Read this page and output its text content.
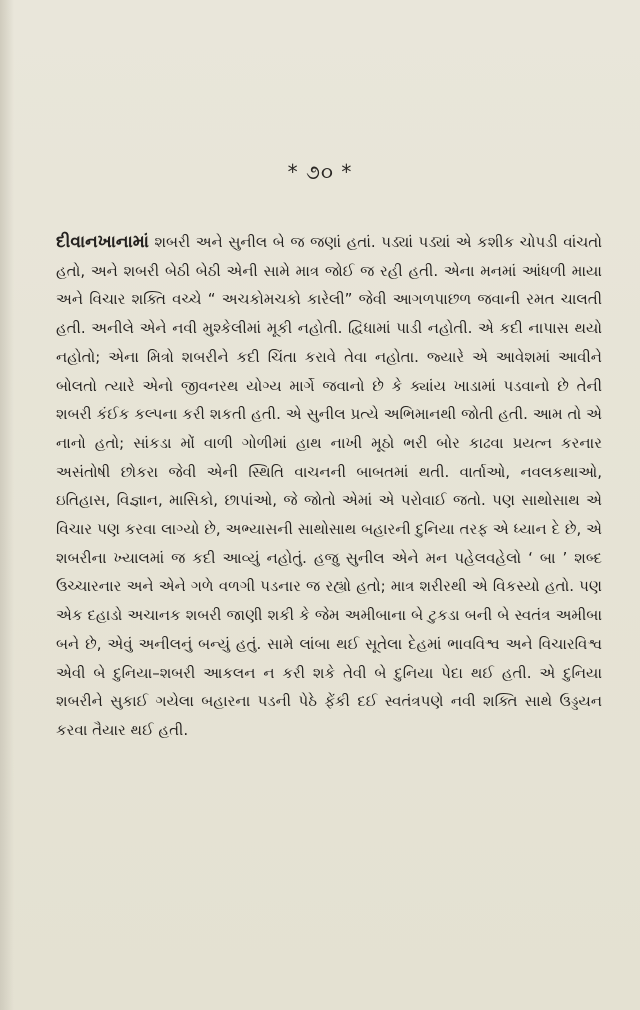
* ૭૦ *

દીવાનખાનામાં શબરી અને સુનીલ બે જ જણાં હતાં. પડ્યાં પડ્યાં એ કશીક ચોપડી વાંચતો હતો, અને શબરી બેઠી બેઠી એની સામે માત્ર જોઈ જ રહી હતી. એના મનમાં આંધળી માયા અને વિચાર શક્તિ વચ્ચે “ અચકોમચકો કારેલી” જેવી આગળપાછળ જવાની રમત ચાલતી હતી. અનીલે એને નવી મુશ્કેલીમાં મૂકી નહોતી. દ્વિધામાં પાડી નહોતી. એ કદી નાપાસ થયો નહોતો; એના મિત્રો શબરીને કદી ચિંતા કરાવે તેવા નહોતા. જ્યારે એ આવેશમાં આવીને બોલતો ત્યારે એનો જીવનરથ યોગ્ય માર્ગે જવાનો છે કે ક્યાંય ખાડામાં પડવાનો છે તેની શબરી કંઈક કલ્પના કરી શકતી હતી. એ સુનીલ પ્રત્યે અભિમાનથી જોતી હતી. આમ તો એ નાનો હતો; સાંકડા મોં વાળી ગોળીમાં હાથ નાખી મૂઠો ભરી બોર કાઢવા પ્રયત્ન કરનાર અસંતોષી છોકરા જેવી એની સ્થિતિ વાચનની બાબતમાં થતી. વાર્તાઓ, નવલકથાઓ, ઇતિહાસ, વિજ્ઞાન, માસિકો, છાપાંઓ, જે જોતો એમાં એ પરોવાઈ જતો. પણ સાથોસાથ એ વિચાર પણ કરવા લાગ્યો છે, અભ્યાસની સાથોસાથ બહારની દુનિયા તરફ એ ધ્યાન દે છે, એ શબરીના ખ્યાલમાં જ કદી આવ્યું નહોતું. હજુ સુનીલ એને મન પહેલવહેલો ‘ બા ’ શબ્દ ઉચ્ચારનાર અને એને ગળે વળગી પડનાર જ રહ્યો હતો; માત્ર શરીરથી એ વિકસ્યો હતો. પણ એક દહાડો અચાનક શબરી જાણી શકી કે જેમ અમીબાના બે ટુકડા બની બે સ્વતંત્ર અમીબા બને છે, એવું અનીલનું બન્યું હતું. સામે લાંબા થઈ સૂતેલા દેહમાં ભાવવિશ્વ અને વિચારવિશ્વ એવી બે દુનિયા–શબરી આકલન ન કરી શકે તેવી બે દુનિયા પેદા થઈ હતી. એ દુનિયા શબરીને સુકાઈ ગયેલા બહારના પડની પેઠે ફેંકી દઈ સ્વતંત્રપણે નવી શક્તિ સાથે ઉડ્ડયન કરવા તૈયાર થઈ હતી.
